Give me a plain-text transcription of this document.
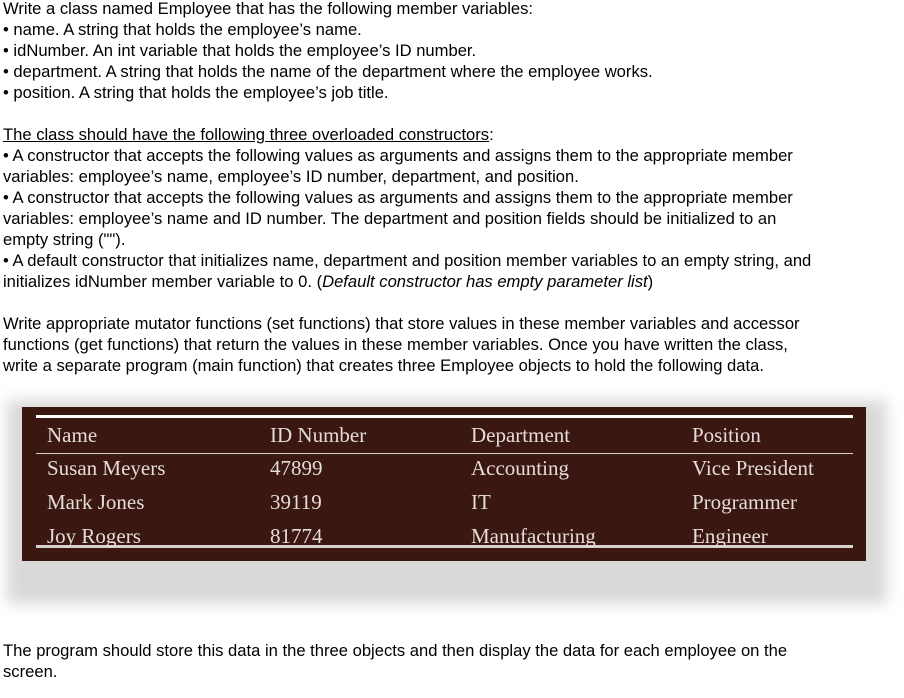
Write a class named Employee that has the following member variables:

• name. A string that holds the employee’s name.

• idNumber. An int variable that holds the employee’s ID number.

• department. A string that holds the name of the department where the employee works.

• position. A string that holds the employee’s job title.

The class should have the following three overloaded constructors:

• A constructor that accepts the following values as arguments and assigns them to the appropriate member

variables: employee’s name, employee’s ID number, department, and position.

• A constructor that accepts the following values as arguments and assigns them to the appropriate member

variables: employee’s name and ID number. The department and position fields should be initialized to an

empty string ("").

• A default constructor that initializes name, department and position member variables to an empty string, and

initializes idNumber member variable to 0. (Default constructor has empty parameter list)

Write appropriate mutator functions (set functions) that store values in these member variables and accessor

functions (get functions) that return the values in these member variables. Once you have written the class,

write a separate program (main function) that creates three Employee objects to hold the following data.

Name	ID Number	Department	Position
Susan Meyers	47899	Accounting	Vice President
Mark Jones	39119	IT	Programmer
Joy Rogers	81774	Manufacturing	Engineer

The program should store this data in the three objects and then display the data for each employee on the

screen.
